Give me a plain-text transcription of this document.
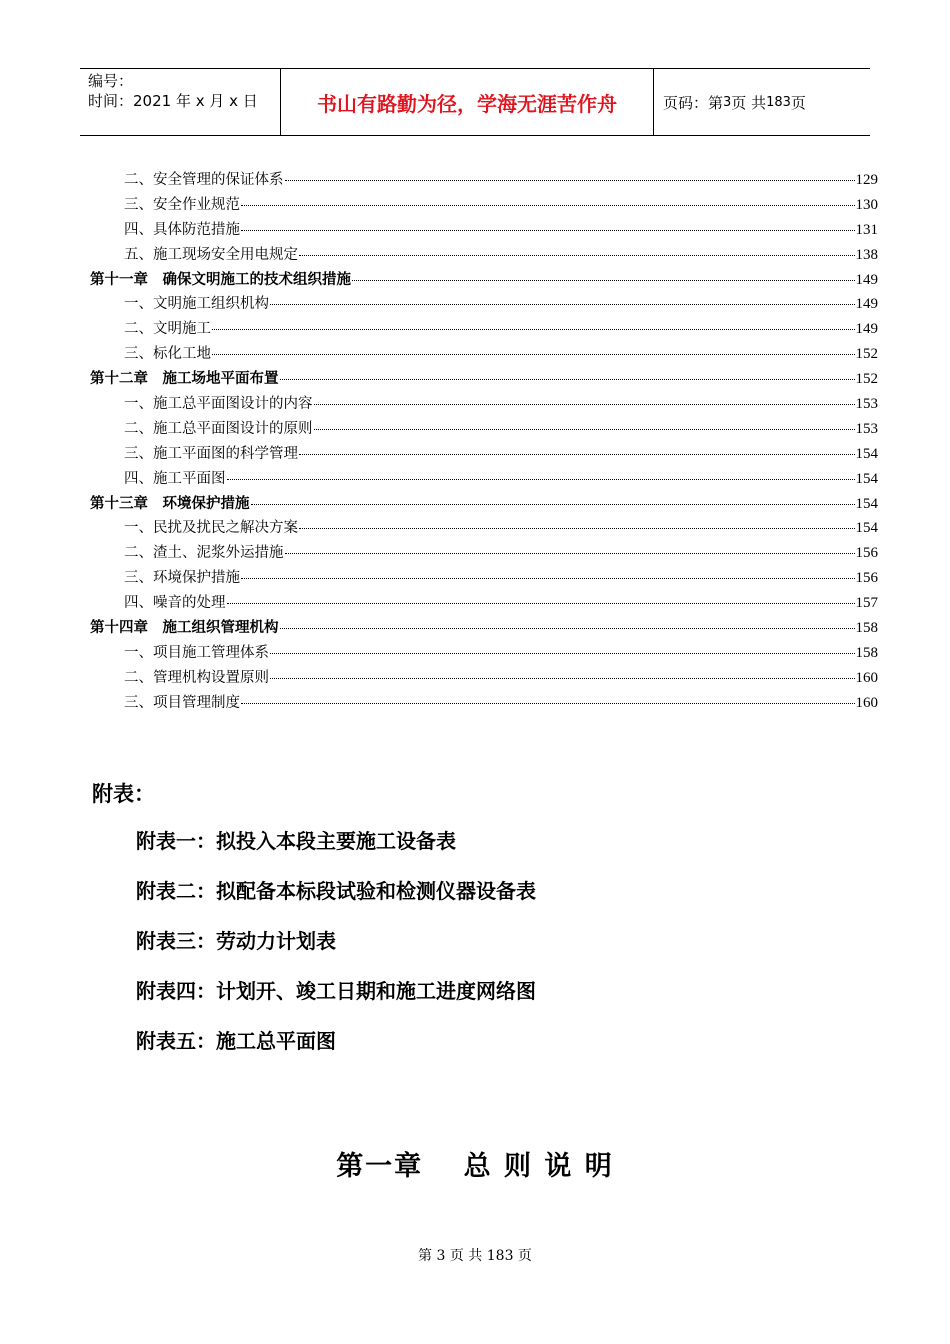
编号：
时间：2021 年 x 月 x 日	书山有路勤为径，学海无涯苦作舟	页码：第 3 页 共 183 页
二、安全管理的保证体系	129
三、安全作业规范	130
四、具体防范措施	131
五、施工现场安全用电规定	138
第十一章　确保文明施工的技术组织措施	149
一、文明施工组织机构	149
二、文明施工	149
三、标化工地	152
第十二章　施工场地平面布置	152
一、施工总平面图设计的内容	153
二、施工总平面图设计的原则	153
三、施工平面图的科学管理	154
四、施工平面图	154
第十三章　环境保护措施	154
一、民扰及扰民之解决方案	154
二、渣土、泥浆外运措施	156
三、环境保护措施	156
四、噪音的处理	157
第十四章　施工组织管理机构	158
一、项目施工管理体系	158
二、管理机构设置原则	160
三、项目管理制度	160
附表：
附表一：拟投入本段主要施工设备表
附表二：拟配备本标段试验和检测仪器设备表
附表三：劳动力计划表
附表四：计划开、竣工日期和施工进度网络图
附表五：施工总平面图
第一章　 总 则 说 明
第 3 页 共 183 页
